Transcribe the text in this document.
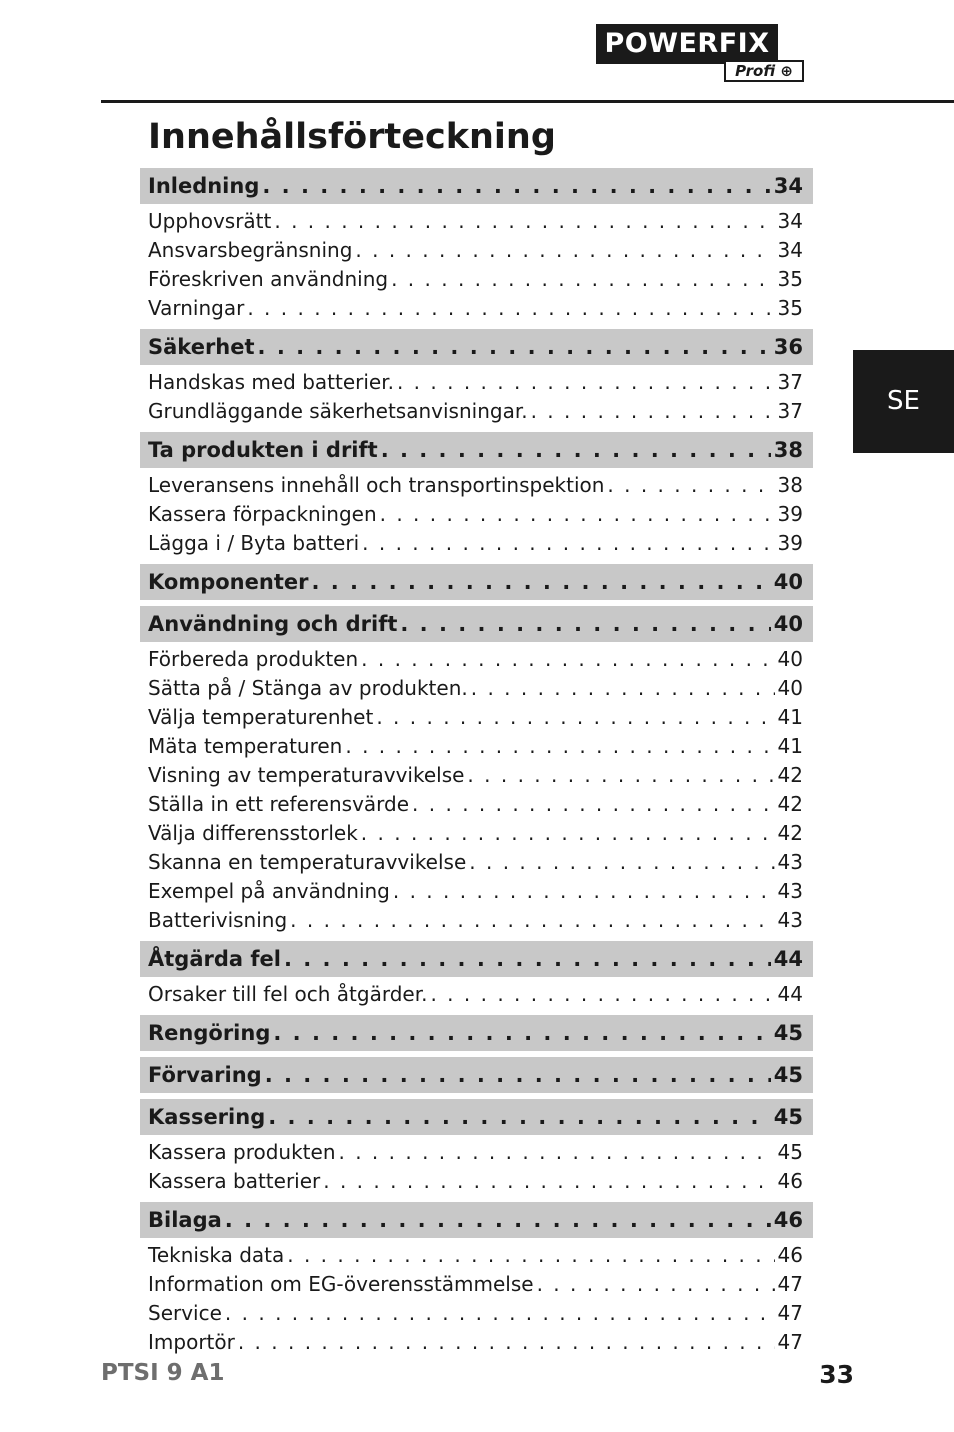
POWERFIX
®
Profi ⊕
Innehållsförteckning
Inledning . . .	34
Upphovsrätt . . .	34
Ansvarsbegränsning . . .	34
Föreskriven användning . . .	35
Varningar . . .	35
Säkerhet . . .	36
Handskas med batterier. . . .	37
Grundläggande säkerhetsanvisningar. . . .	37
Ta produkten i drift . . .	38
Leveransens innehåll och transportinspektion . . .	38
Kassera förpackningen . . .	39
Lägga i / Byta batteri . . .	39
Komponenter . . .	40
Användning och drift . . .	40
Förbereda produkten . . .	40
Sätta på / Stänga av produkten. . . .	40
Välja temperaturenhet . . .	41
Mäta temperaturen . . .	41
Visning av temperaturavvikelse . . .	42
Ställa in ett referensvärde . . .	42
Välja differensstorlek . . .	42
Skanna en temperaturavvikelse . . .	43
Exempel på användning . . .	43
Batterivisning . . .	43
Åtgärda fel . . .	44
Orsaker till fel och åtgärder. . . .	44
Rengöring . . .	45
Förvaring . . .	45
Kassering . . .	45
Kassera produkten . . .	45
Kassera batterier . . .	46
Bilaga . . .	46
Tekniska data . . .	46
Information om EG-överensstämmelse . . .	47
Service . . .	47
Importör . . .	47
SE
PTSI 9 A1	33
